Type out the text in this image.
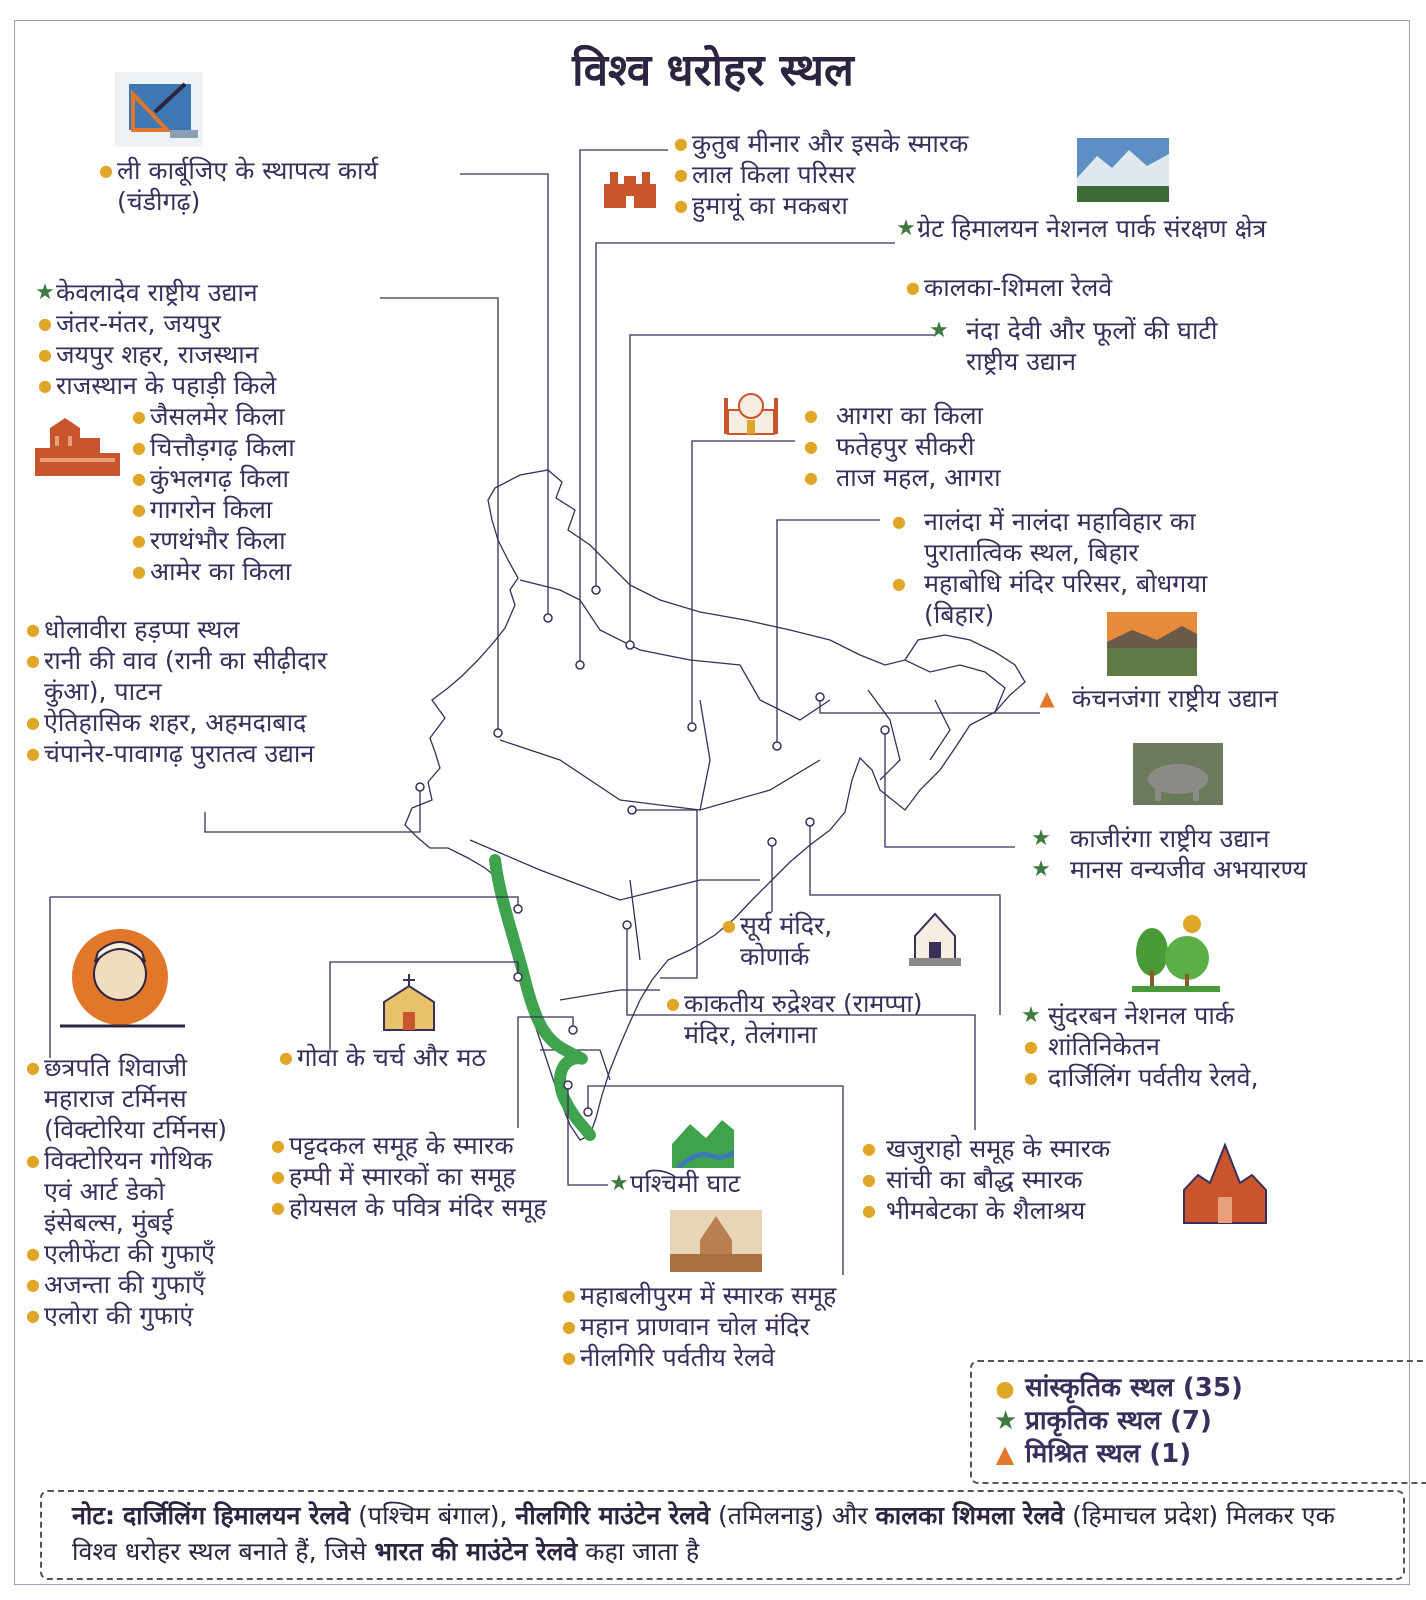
विश्व धरोहर स्थल
● ली कार्बूजिए के स्थापत्य कार्य
(चंडीगढ़)
● कुतुब मीनार और इसके स्मारक
● लाल किला परिसर
● हुमायूं का मकबरा
★ ग्रेट हिमालयन नेशनल पार्क संरक्षण क्षेत्र
● कालका-शिमला रेलवे
★ नंदा देवी और फूलों की घाटी
राष्ट्रीय उद्यान
★ केवलादेव राष्ट्रीय उद्यान
● जंतर-मंतर, जयपुर
● जयपुर शहर, राजस्थान
● राजस्थान के पहाड़ी किले
● जैसलमेर किला
● चित्तौड़गढ़ किला
● कुंभलगढ़ किला
● गागरोन किला
● रणथंभौर किला
● आमेर का किला
● आगरा का किला
● फतेहपुर सीकरी
● ताज महल, आगरा
● नालंदा में नालंदा महाविहार का
पुरातात्विक स्थल, बिहार
● महाबोधि मंदिर परिसर, बोधगया
(बिहार)
● धोलावीरा हड़प्पा स्थल
● रानी की वाव (रानी का सीढ़ीदार
कुंआ), पाटन
● ऐतिहासिक शहर, अहमदाबाद
● चंपानेर-पावागढ़ पुरातत्व उद्यान
▲ कंचनजंगा राष्ट्रीय उद्यान
★ काजीरंगा राष्ट्रीय उद्यान
★ मानस वन्यजीव अभयारण्य
● सूर्य मंदिर,
कोणार्क
● काकतीय रुद्रेश्वर (रामप्पा)
मंदिर, तेलंगाना
★ सुंदरबन नेशनल पार्क
● शांतिनिकेतन
● दार्जिलिंग पर्वतीय रेलवे,
● छत्रपति शिवाजी
महाराज टर्मिनस
(विक्टोरिया टर्मिनस)
● विक्टोरियन गोथिक
एवं आर्ट डेको
इंसेबल्स, मुंबई
● एलीफेंटा की गुफाएँ
● अजन्ता की गुफाएँ
● एलोरा की गुफाएं
● गोवा के चर्च और मठ
● पट्टदकल समूह के स्मारक
● हम्पी में स्मारकों का समूह
● होयसल के पवित्र मंदिर समूह
★ पश्चिमी घाट
● खजुराहो समूह के स्मारक
● सांची का बौद्ध स्मारक
● भीमबेटका के शैलाश्रय
● महाबलीपुरम में स्मारक समूह
● महान प्राणवान चोल मंदिर
● नीलगिरि पर्वतीय रेलवे
● सांस्कृतिक स्थल (35)
★ प्राकृतिक स्थल (7)
▲ मिश्रित स्थल (1)
नोट: दार्जिलिंग हिमालयन रेलवे (पश्चिम बंगाल), नीलगिरि माउंटेन रेलवे (तमिलनाडु) और कालका शिमला रेलवे (हिमाचल प्रदेश) मिलकर एक विश्व धरोहर स्थल बनाते हैं, जिसे भारत की माउंटेन रेलवे कहा जाता है
